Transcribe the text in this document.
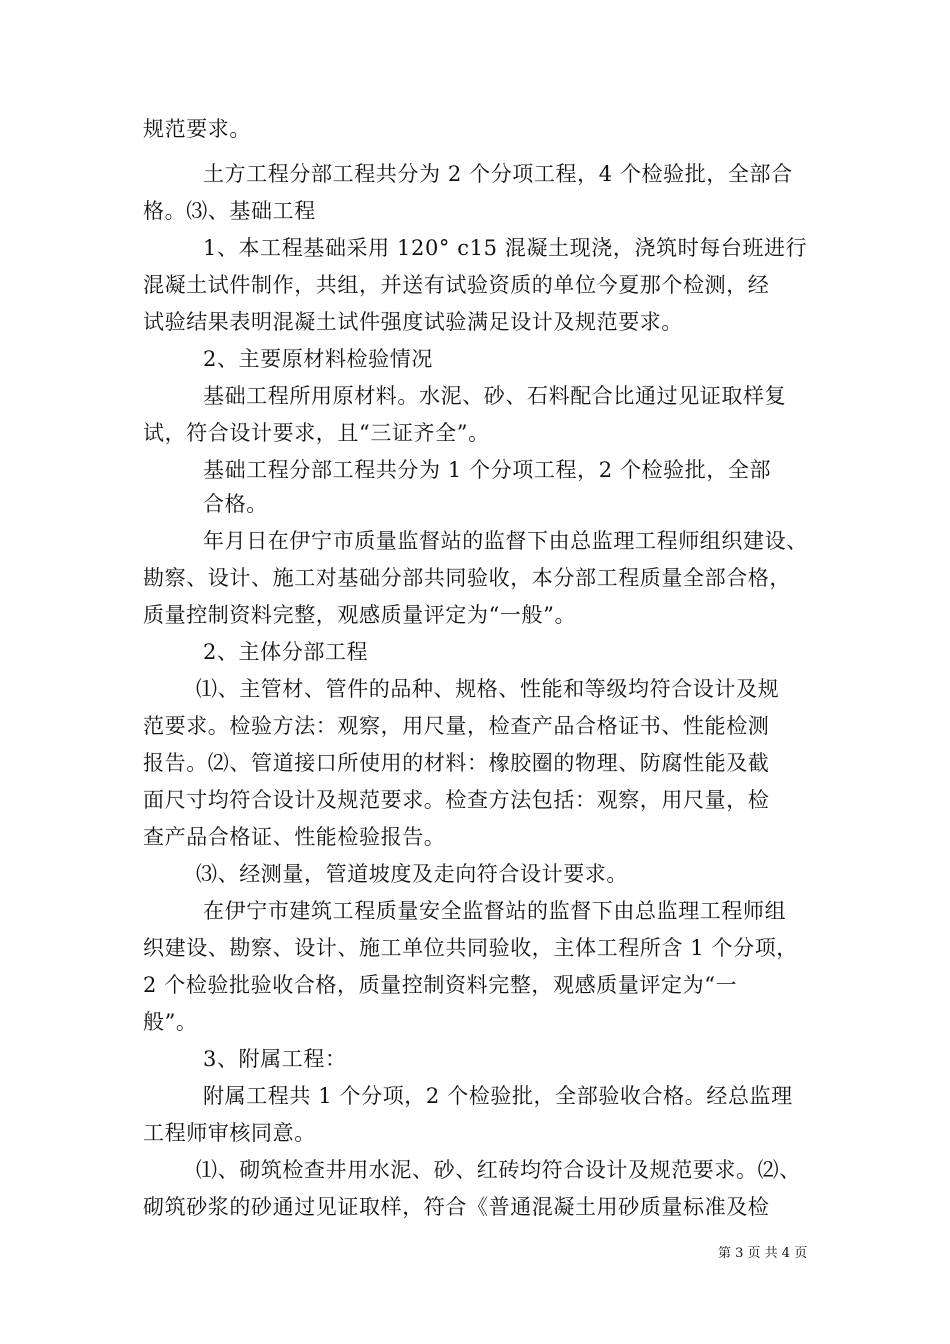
规范要求。
土方工程分部工程共分为 2 个分项工程，4 个检验批，全部合
格。⑶、基础工程
1、本工程基础采用 120° c15 混凝土现浇，浇筑时每台班进行
混凝土试件制作，共组，并送有试验资质的单位今夏那个检测，经
试验结果表明混凝土试件强度试验满足设计及规范要求。
2、主要原材料检验情况
基础工程所用原材料。水泥、砂、石料配合比通过见证取样复
试，符合设计要求，且“三证齐全”。
基础工程分部工程共分为 1 个分项工程，2 个检验批，全部
合格。
年月日在伊宁市质量监督站的监督下由总监理工程师组织建设、
勘察、设计、施工对基础分部共同验收，本分部工程质量全部合格，
质量控制资料完整，观感质量评定为“一般”。
2、主体分部工程
⑴、主管材、管件的品种、规格、性能和等级均符合设计及规
范要求。检验方法：观察，用尺量，检查产品合格证书、性能检测
报告。⑵、管道接口所使用的材料：橡胶圈的物理、防腐性能及截
面尺寸均符合设计及规范要求。检查方法包括：观察，用尺量，检
查产品合格证、性能检验报告。
⑶、经测量，管道坡度及走向符合设计要求。
在伊宁市建筑工程质量安全监督站的监督下由总监理工程师组
织建设、勘察、设计、施工单位共同验收，主体工程所含 1 个分项，
2 个检验批验收合格，质量控制资料完整，观感质量评定为“一
般”。
3、附属工程：
附属工程共 1 个分项，2 个检验批，全部验收合格。经总监理
工程师审核同意。
⑴、砌筑检查井用水泥、砂、红砖均符合设计及规范要求。⑵、
砌筑砂浆的砂通过见证取样，符合《普通混凝土用砂质量标准及检
第 3 页 共 4 页
